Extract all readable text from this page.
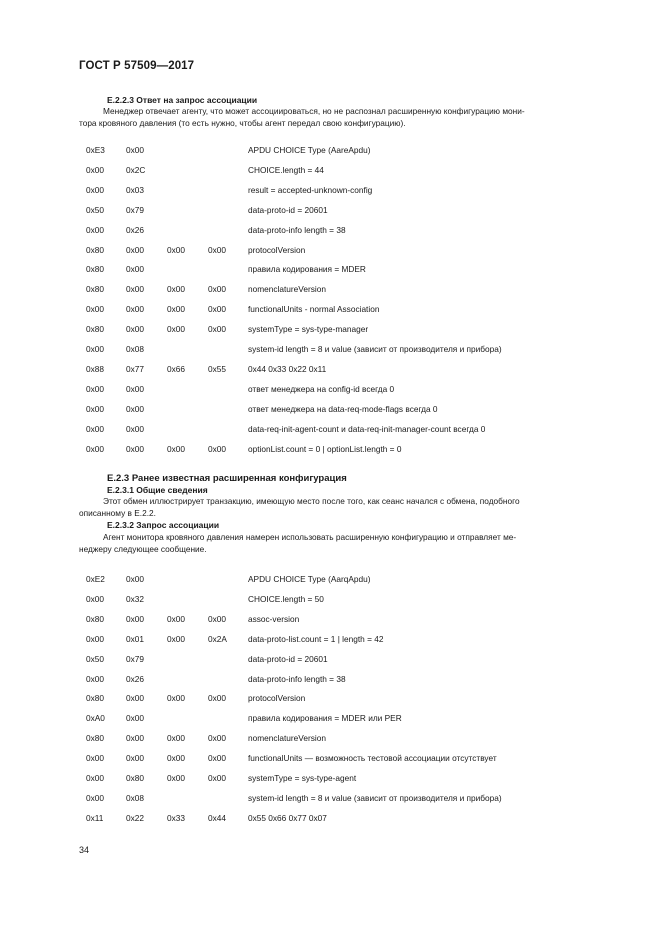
ГОСТ Р 57509—2017

E.2.2.3 Ответ на запрос ассоциации

Менеджер отвечает агенту, что может ассоциироваться, но не распознал расширенную конфигурацию мони-
тора кровяного давления (то есть нужно, чтобы агент передал свою конфигурацию).
0xE3	0x00	APDU CHOICE Type (AareApdu)
0x00	0x2C	CHOICE.length = 44
0x00	0x03	result = accepted-unknown-config
0x50	0x79	data-proto-id = 20601
0x00	0x26	data-proto-info length = 38
0x80	0x00	0x00	0x00	protocolVersion
0x80	0x00	правила кодирования = MDER
0x80	0x00	0x00	0x00	nomenclatureVersion
0x00	0x00	0x00	0x00	functionalUnits - normal Association
0x80	0x00	0x00	0x00	systemType = sys-type-manager
0x00	0x08	system-id length = 8 и value (зависит от производителя и прибора)
0x88	0x77	0x66	0x55	0x44 0x33 0x22 0x11
0x00	0x00	ответ менеджера на config-id всегда 0
0x00	0x00	ответ менеджера на data-req-mode-flags всегда 0
0x00	0x00	data-req-init-agent-count и data-req-init-manager-count всегда 0
0x00	0x00	0x00	0x00	optionList.count = 0 | optionList.length = 0

E.2.3 Ранее известная расширенная конфигурация

E.2.3.1 Общие сведения

Этот обмен иллюстрирует транзакцию, имеющую место после того, как сеанс начался с обмена, подобного
описанному в E.2.2.

E.2.3.2 Запрос ассоциации

Агент монитора кровяного давления намерен использовать расширенную конфигурацию и отправляет ме-
неджеру следующее сообщение.
0xE2	0x00	APDU CHOICE Type (AarqApdu)
0x00	0x32	CHOICE.length = 50
0x80	0x00	0x00	0x00	assoc-version
0x00	0x01	0x00	0x2A	data-proto-list.count = 1 | length = 42
0x50	0x79	data-proto-id = 20601
0x00	0x26	data-proto-info length = 38
0x80	0x00	0x00	0x00	protocolVersion
0xA0	0x00	правила кодирования = MDER или PER
0x80	0x00	0x00	0x00	nomenclatureVersion
0x00	0x00	0x00	0x00	functionalUnits — возможность тестовой ассоциации отсутствует
0x00	0x80	0x00	0x00	systemType = sys-type-agent
0x00	0x08	system-id length = 8 и value (зависит от производителя и прибора)
0x11	0x22	0x33	0x44	0x55 0x66 0x77 0x07
34
